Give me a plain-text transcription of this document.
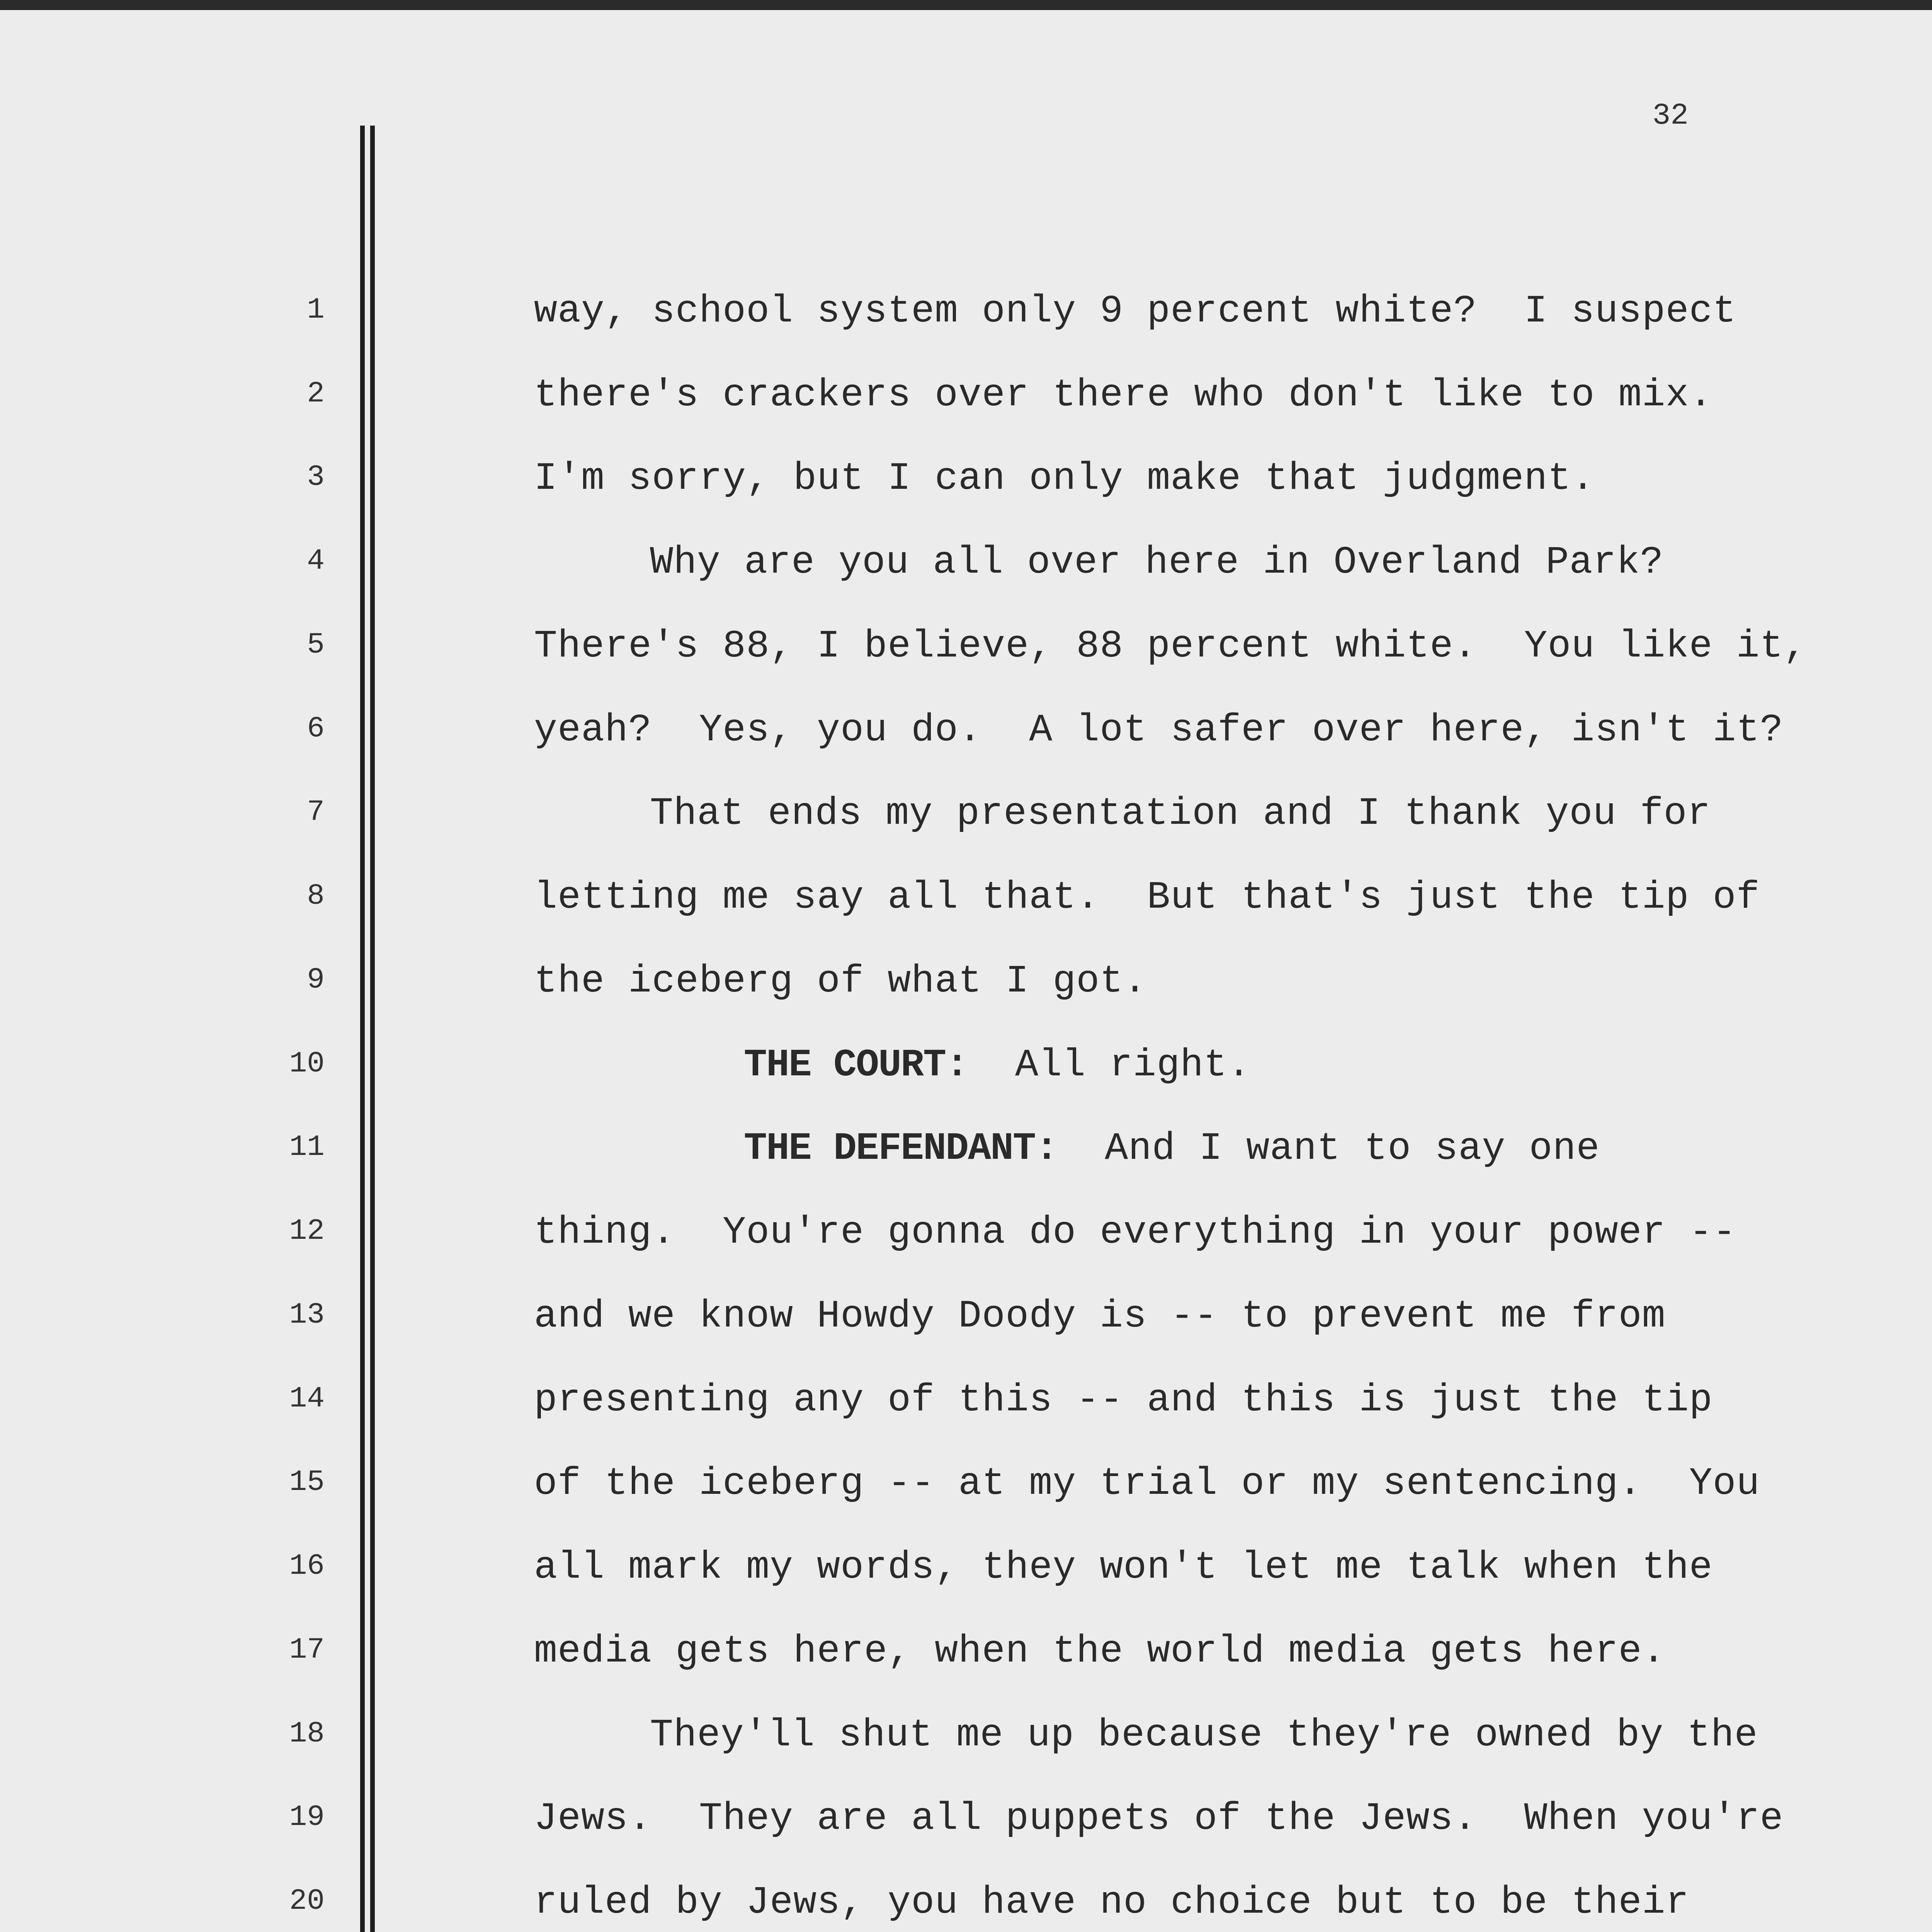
32
1
2
3
4
5
6
7
8
9
10
11
12
13
14
15
16
17
18
19
20
way, school system only 9 percent white?  I suspect
there's crackers over there who don't like to mix.
I'm sorry, but I can only make that judgment.
Why are you all over here in Overland Park?
There's 88, I believe, 88 percent white.  You like it,
yeah?  Yes, you do.  A lot safer over here, isn't it?
That ends my presentation and I thank you for
letting me say all that.  But that's just the tip of
the iceberg of what I got.
THE COURT:  All right.
THE DEFENDANT:  And I want to say one
thing.  You're gonna do everything in your power --
and we know Howdy Doody is -- to prevent me from
presenting any of this -- and this is just the tip
of the iceberg -- at my trial or my sentencing.  You
all mark my words, they won't let me talk when the
media gets here, when the world media gets here.
They'll shut me up because they're owned by the
Jews.  They are all puppets of the Jews.  When you're
ruled by Jews, you have no choice but to be their
